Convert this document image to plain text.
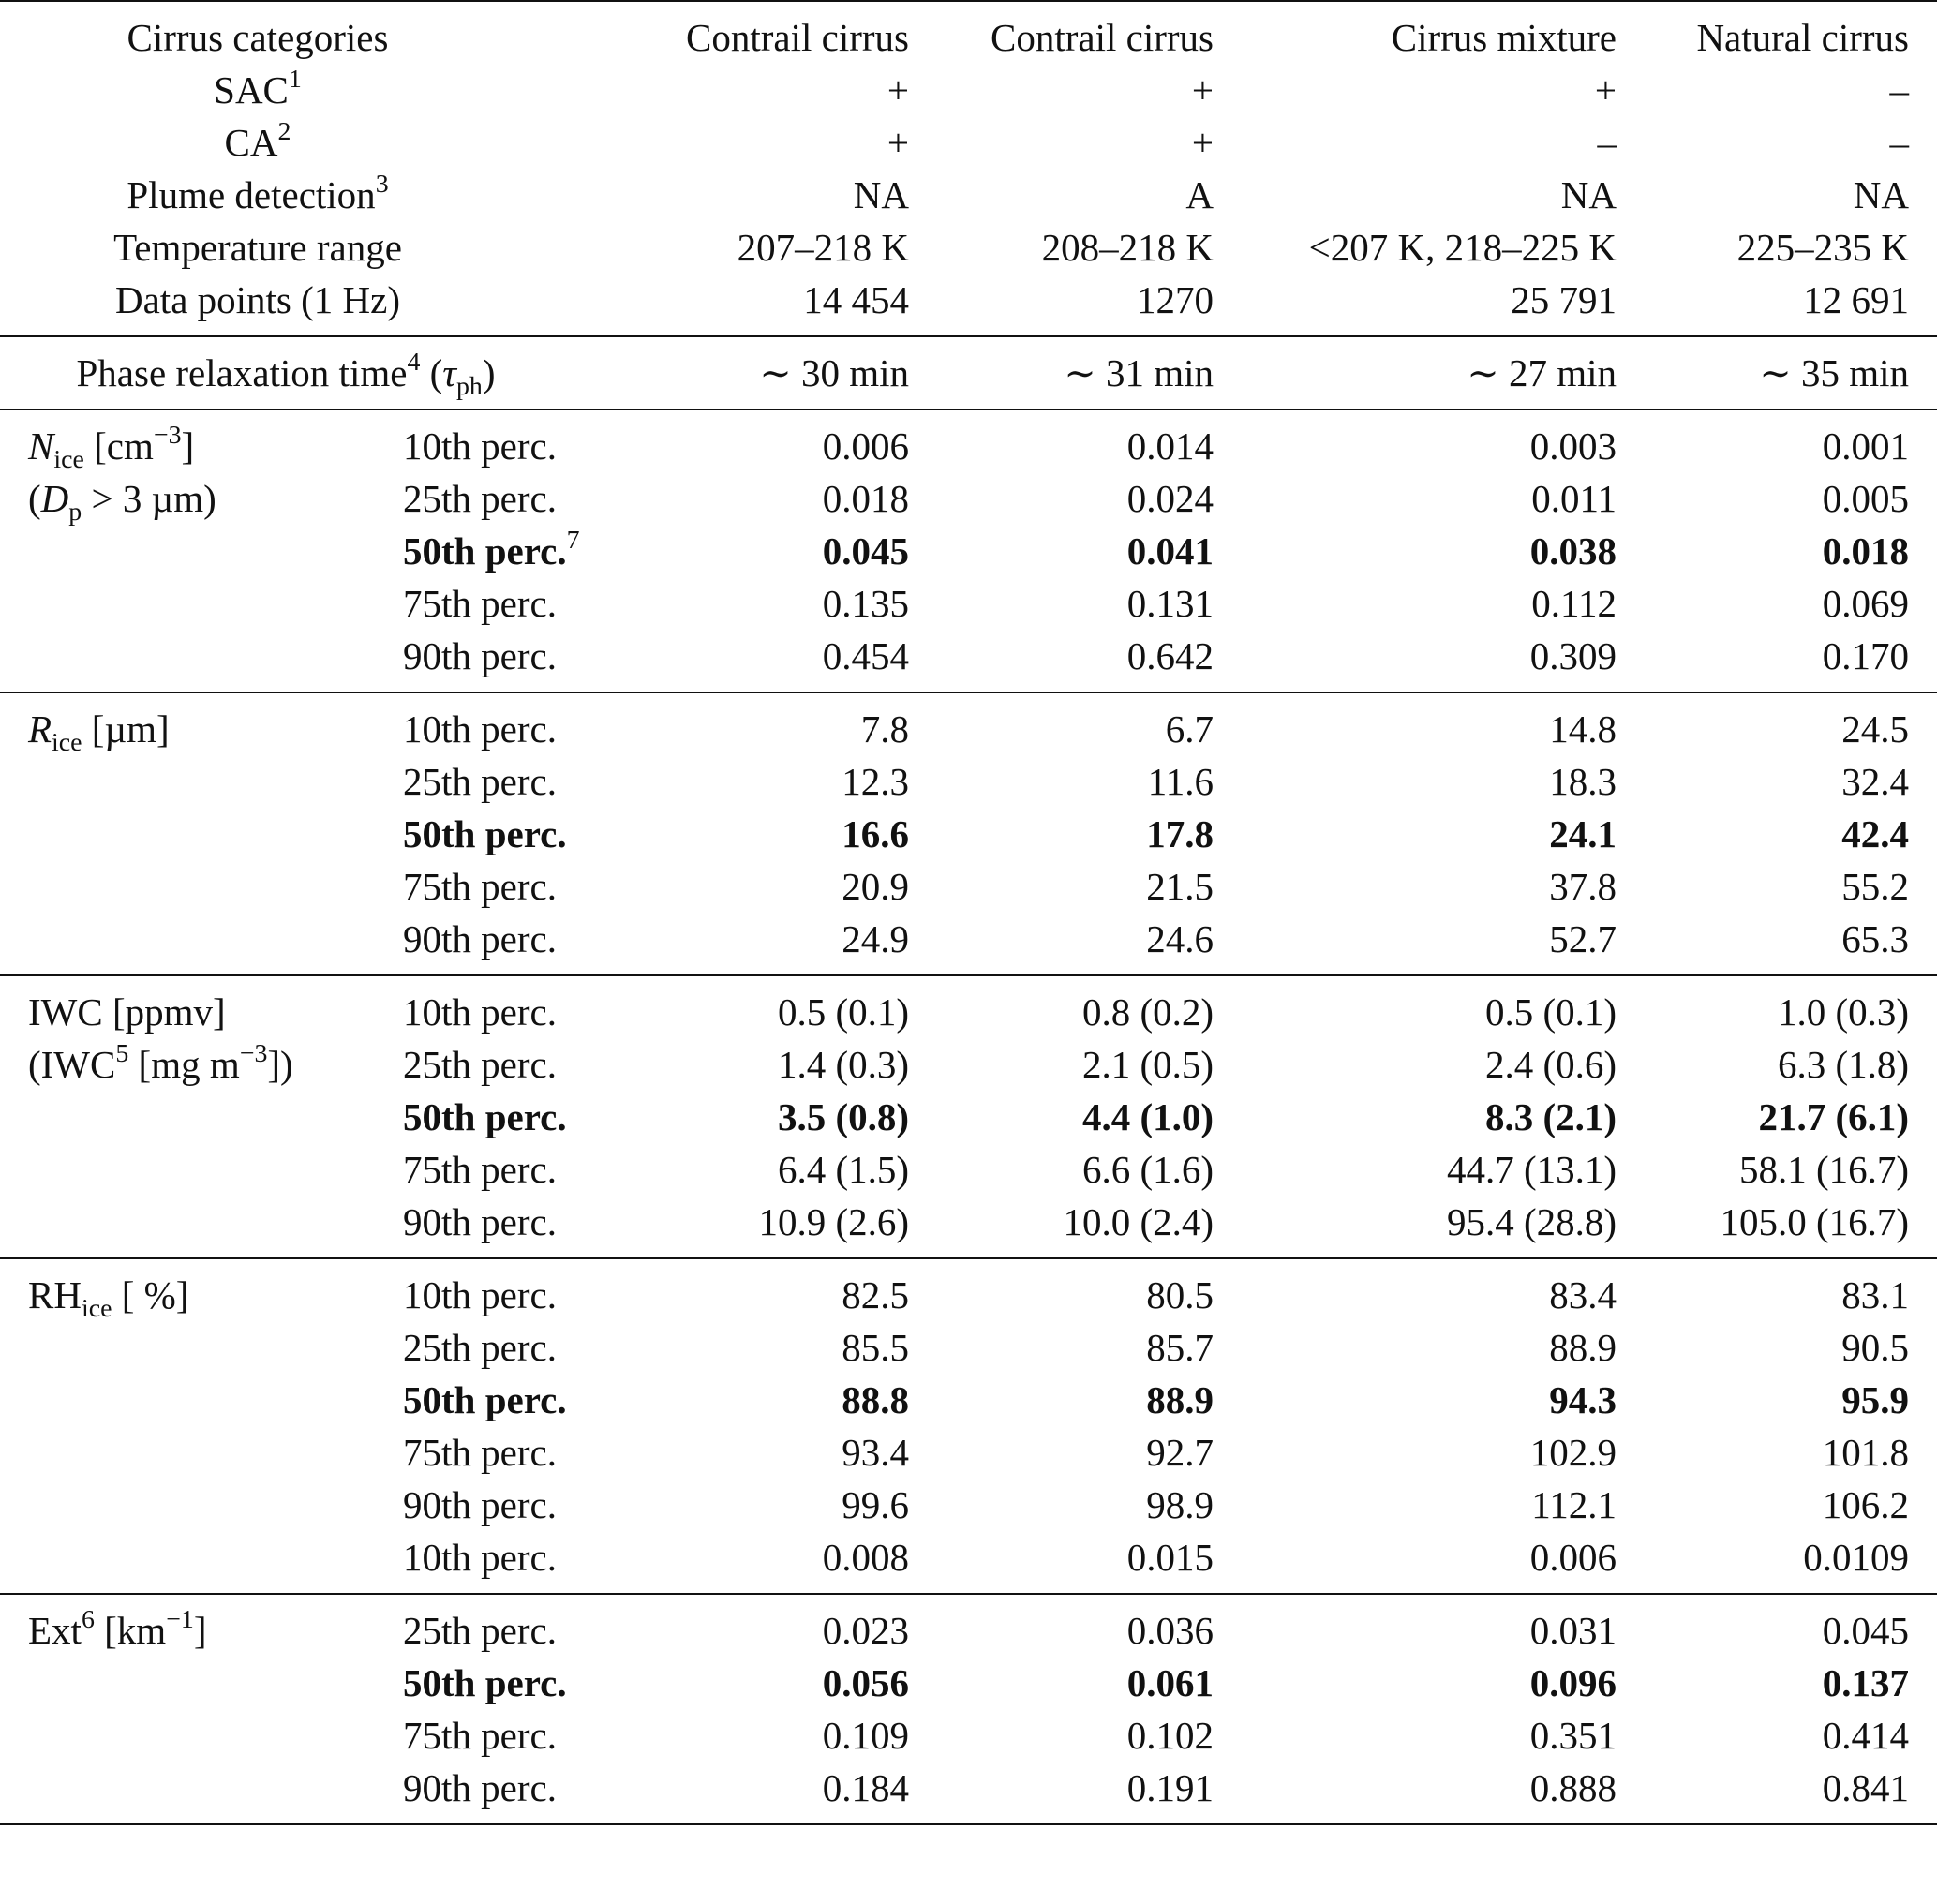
Cirrus categories		Contrail cirrus	Contrail cirrus	Cirrus mixture	Natural cirrus
SAC$^1$		+	+	+	–
$CA^2$		+	+	–	–
Plume detection$^3$		NA	A	NA	NA
Temperature range		207–218 K	208–218 K	<207 K, 218–225 K	225–235 K
Data points (1 Hz)		14 454	1270	25 791	12 691
Phase relaxation time$^4$ $(\tau_{ph})$		∼ 30 min	∼ 31 min	∼ 27 min	∼ 35 min
$N_{ice}$ $[cm^{-3}]$	10th perc.	0.006	0.014	0.003	0.001
($D_p > 3$ µm)	25th perc.	0.018	0.024	0.011	0.005
	50th perc.$^7$	0.045	0.041	0.038	0.018
	75th perc.	0.135	0.131	0.112	0.069
	90th perc.	0.454	0.642	0.309	0.170
$R_{ice}$ [µm]	10th perc.	7.8	6.7	14.8	24.5
	25th perc.	12.3	11.6	18.3	32.4
	50th perc.	16.6	17.8	24.1	42.4
	75th perc.	20.9	21.5	37.8	55.2
	90th perc.	24.9	24.6	52.7	65.3
IWC [ppmv]	10th perc.	0.5 (0.1)	0.8 (0.2)	0.5 (0.1)	1.0 (0.3)
(IWC$^5$ [mg $m^{-3}$])	25th perc.	1.4 (0.3)	2.1 (0.5)	2.4 (0.6)	6.3 (1.8)
	50th perc.	3.5 (0.8)	4.4 (1.0)	8.3 (2.1)	21.7 (6.1)
	75th perc.	6.4 (1.5)	6.6 (1.6)	44.7 (13.1)	58.1 (16.7)
	90th perc.	10.9 (2.6)	10.0 (2.4)	95.4 (28.8)	105.0 (16.7)
$RH_{ice}$ [ %]	10th perc.	82.5	80.5	83.4	83.1
	25th perc.	85.5	85.7	88.9	90.5
	50th perc.	88.8	88.9	94.3	95.9
	75th perc.	93.4	92.7	102.9	101.8
	90th perc.	99.6	98.9	112.1	106.2
	10th perc.	0.008	0.015	0.006	0.0109
Ext$^6$ $[km^{-1}]$	25th perc.	0.023	0.036	0.031	0.045
	50th perc.	0.056	0.061	0.096	0.137
	75th perc.	0.109	0.102	0.351	0.414
	90th perc.	0.184	0.191	0.888	0.841
